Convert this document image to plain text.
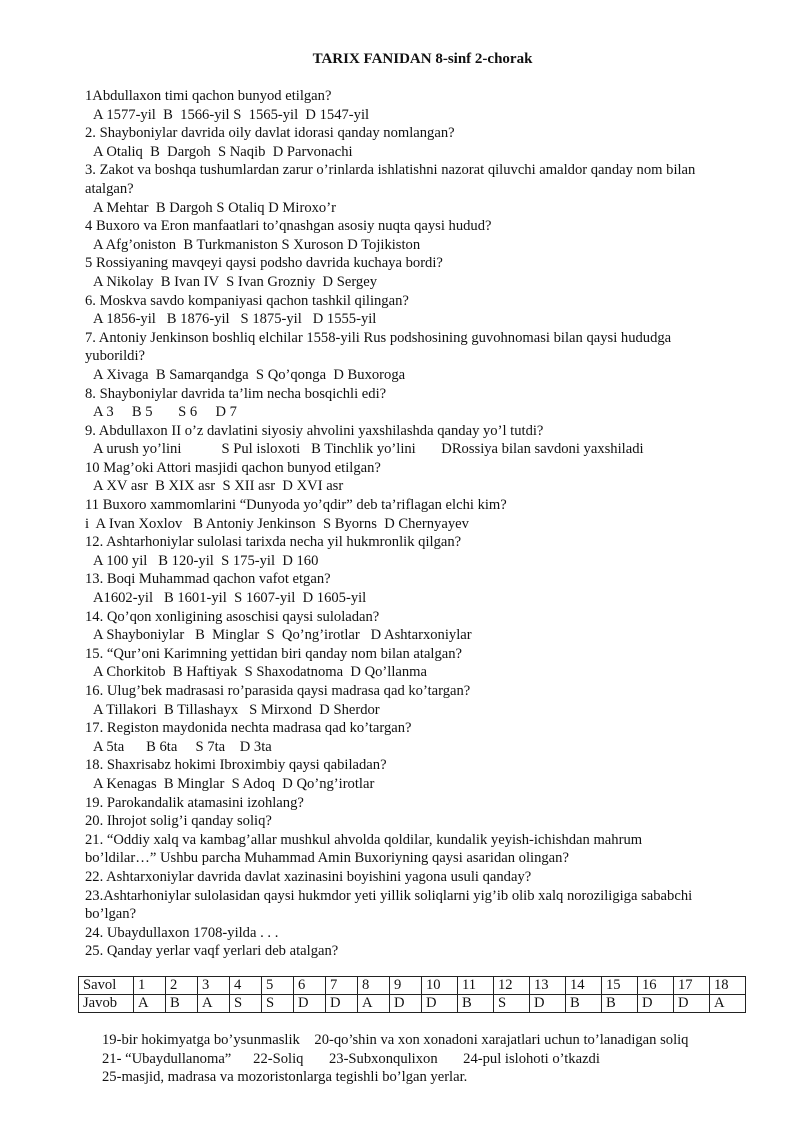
TARIX FANIDAN 8-sinf 2-chorak
1Abdullaxon timi qachon bunyod etilgan?
A 1577-yil  B  1566-yil S  1565-yil  D 1547-yil
2. Shayboniylar davrida oily davlat idorasi qanday nomlangan?
A Otaliq  B  Dargoh  S Naqib  D Parvonachi
3. Zakot va boshqa tushumlardan zarur o’rinlarda ishlatishni nazorat qiluvchi amaldor qanday nom bilan
atalgan?
A Mehtar  B Dargoh S Otaliq D Miroxo’r
4 Buxoro va Eron manfaatlari to’qnashgan asosiy nuqta qaysi hudud?
A Afg’oniston  B Turkmaniston S Xuroson D Tojikiston
5 Rossiyaning mavqeyi qaysi podsho davrida kuchaya bordi?
A Nikolay  B Ivan IV  S Ivan Grozniy  D Sergey
6. Moskva savdo kompaniyasi qachon tashkil qilingan?
A 1856-yil   B 1876-yil   S 1875-yil   D 1555-yil
7. Antoniy Jenkinson boshliq elchilar 1558-yili Rus podshosining guvohnomasi bilan qaysi hududga
yuborildi?
A Xivaga  B Samarqandga  S Qo’qonga  D Buxoroga
8. Shayboniylar davrida ta’lim necha bosqichli edi?
A 3     B 5       S 6     D 7
9. Abdullaxon II o’z davlatini siyosiy ahvolini yaxshilashda qanday yo’l tutdi?
A urush yo’lini           S Pul isloxoti   B Tinchlik yo’lini       DRossiya bilan savdoni yaxshiladi
10 Mag’oki Attori masjidi qachon bunyod etilgan?
A XV asr  B XIX asr  S XII asr  D XVI asr
11 Buxoro xammomlarini “Dunyoda yo’qdir” deb ta’riflagan elchi kim?
i  A Ivan Xoxlov   B Antoniy Jenkinson  S Byorns  D Chernyayev
12. Ashtarhoniylar sulolasi tarixda necha yil hukmronlik qilgan?
A 100 yil   B 120-yil  S 175-yil  D 160
13. Boqi Muhammad qachon vafot etgan?
A1602-yil   B 1601-yil  S 1607-yil  D 1605-yil
14. Qo’qon xonligining asoschisi qaysi suloladan?
A Shayboniylar   B  Minglar  S  Qo’ng’irotlar   D Ashtarxoniylar
15. “Qur’oni Karimning yettidan biri qanday nom bilan atalgan?
A Chorkitob  B Haftiyak  S Shaxodatnoma  D Qo’llanma
16. Ulug’bek madrasasi ro’parasida qaysi madrasa qad ko’targan?
A Tillakori  B Tillashayx   S Mirxond  D Sherdor
17. Registon maydonida nechta madrasa qad ko’targan?
A 5ta      B 6ta     S 7ta    D 3ta
18. Shaxrisabz hokimi Ibroximbiy qaysi qabiladan?
A Kenagas  B Minglar  S Adoq  D Qo’ng’irotlar
19. Parokandalik atamasini izohlang?
20. Ihrojot solig’i qanday soliq?
21. “Oddiy xalq va kambag’allar mushkul ahvolda qoldilar, kundalik yeyish-ichishdan mahrum
bo’ldilar…” Ushbu parcha Muhammad Amin Buxoriyning qaysi asaridan olingan?
22. Ashtarxoniylar davrida davlat xazinasini boyishini yagona usuli qanday?
23.Ashtarhoniylar sulolasidan qaysi hukmdor yeti yillik soliqlarni yig’ib olib xalq noroziligiga sababchi
bo’lgan?
24. Ubaydullaxon 1708-yilda . . .
25. Qanday yerlar vaqf yerlari deb atalgan?
Savol	1	2	3	4	5	6	7	8	9	10	11	12	13	14	15	16	17	18
Javob	A	B	A	S	S	D	D	A	D	D	B	S	D	B	B	D	D	A
19-bir hokimyatga bo’ysunmaslik    20-qo’shin va xon xonadoni xarajatlari uchun to’lanadigan soliq
21- “Ubaydullanoma”      22-Soliq       23-Subxonqulixon       24-pul islohoti o’tkazdi
25-masjid, madrasa va mozoristonlarga tegishli bo’lgan yerlar.
